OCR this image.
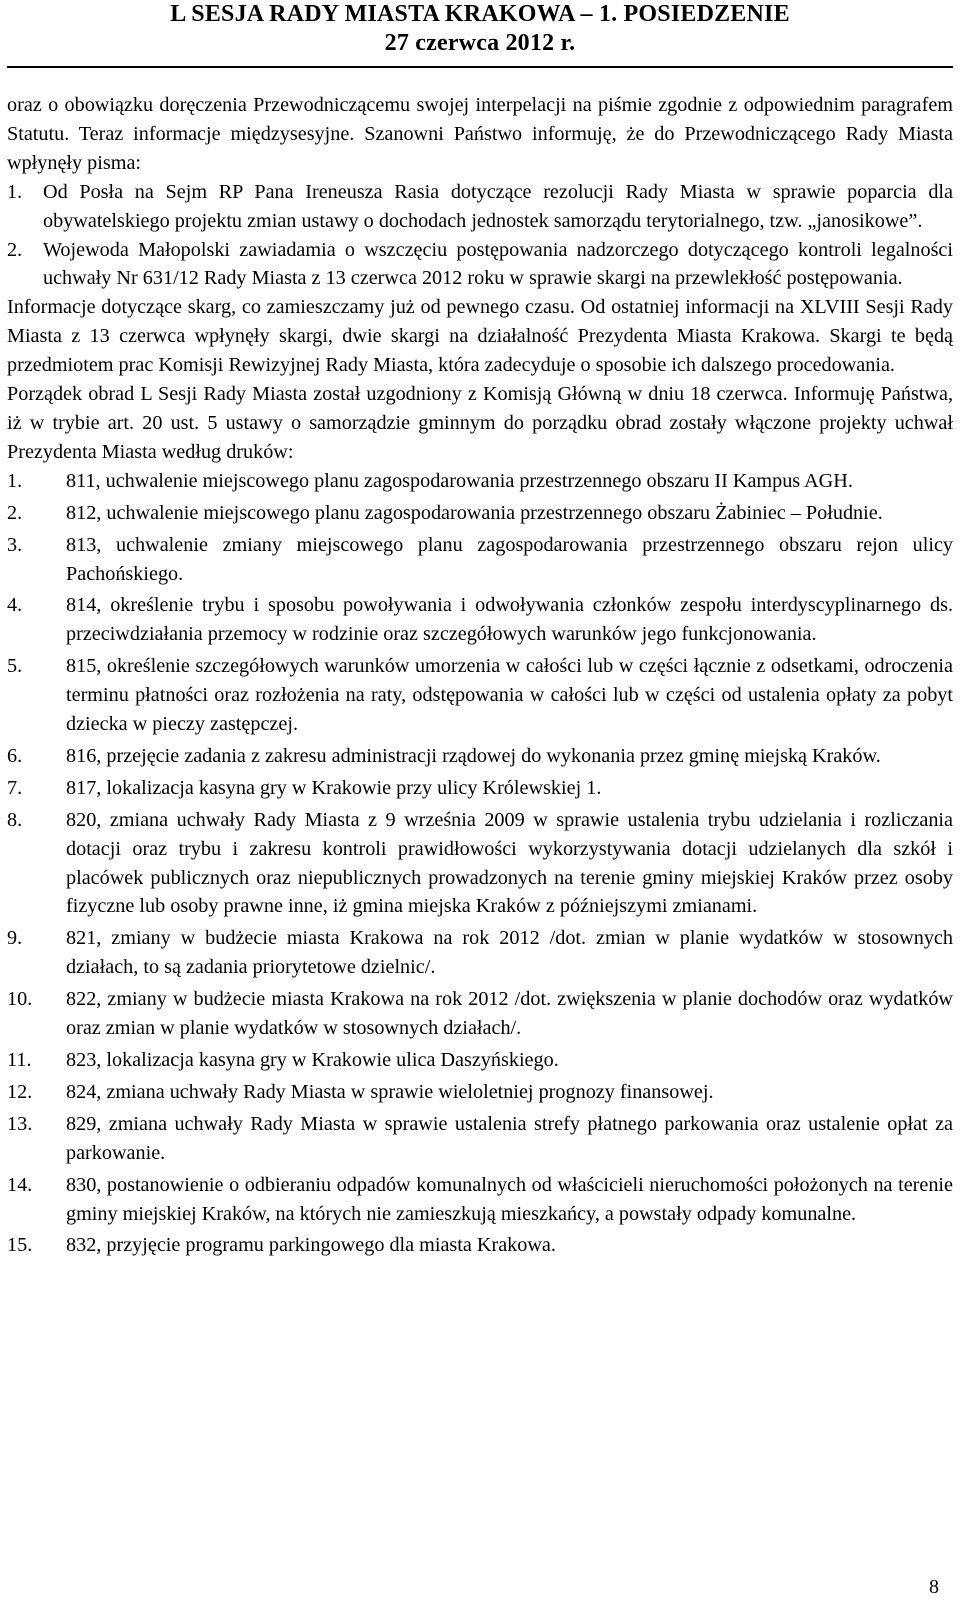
L SESJA RADY MIASTA KRAKOWA – 1. POSIEDZENIE
27 czerwca 2012 r.

oraz o obowiązku doręczenia Przewodniczącemu swojej interpelacji na piśmie zgodnie z odpowiednim paragrafem Statutu. Teraz informacje międzysesyjne. Szanowni Państwo informuję, że do Przewodniczącego Rady Miasta wpłynęły pisma:

1.	Od Posła na Sejm RP Pana Ireneusza Rasia dotyczące rezolucji Rady Miasta w sprawie poparcia dla obywatelskiego projektu zmian ustawy o dochodach jednostek samorządu terytorialnego, tzw. „janosikowe”.
2.	Wojewoda Małopolski zawiadamia o wszczęciu postępowania nadzorczego dotyczącego kontroli legalności uchwały Nr 631/12 Rady Miasta z 13 czerwca 2012 roku w sprawie skargi na przewlekłość postępowania.

Informacje dotyczące skarg, co zamieszczamy już od pewnego czasu. Od ostatniej informacji na XLVIII Sesji Rady Miasta z 13 czerwca wpłynęły skargi, dwie skargi na działalność Prezydenta Miasta Krakowa. Skargi te będą przedmiotem prac Komisji Rewizyjnej Rady Miasta, która zadecyduje o sposobie ich dalszego procedowania.

Porządek obrad L Sesji Rady Miasta został uzgodniony z Komisją Główną w dniu 18 czerwca. Informuję Państwa, iż w trybie art. 20 ust. 5 ustawy o samorządzie gminnym do porządku obrad zostały włączone projekty uchwał Prezydenta Miasta według druków:

1.	811, uchwalenie miejscowego planu zagospodarowania przestrzennego obszaru II Kampus AGH.
2.	812, uchwalenie miejscowego planu zagospodarowania przestrzennego obszaru Żabiniec – Południe.
3.	813, uchwalenie zmiany miejscowego planu zagospodarowania przestrzennego obszaru rejon ulicy Pachońskiego.
4.	814, określenie trybu i sposobu powoływania i odwoływania członków zespołu interdyscyplinarnego ds. przeciwdziałania przemocy w rodzinie oraz szczegółowych warunków jego funkcjonowania.
5.	815, określenie szczegółowych warunków umorzenia w całości lub w części łącznie z odsetkami, odroczenia terminu płatności oraz rozłożenia na raty, odstępowania w całości lub w części od ustalenia opłaty za pobyt dziecka w pieczy zastępczej.
6.	816, przejęcie zadania z zakresu administracji rządowej do wykonania przez gminę miejską Kraków.
7.	817, lokalizacja kasyna gry w Krakowie przy ulicy Królewskiej 1.
8.	820, zmiana uchwały Rady Miasta z 9 września 2009 w sprawie ustalenia trybu udzielania i rozliczania dotacji oraz trybu i zakresu kontroli prawidłowości wykorzystywania dotacji udzielanych dla szkół i placówek publicznych oraz niepublicznych prowadzonych na terenie gminy miejskiej Kraków przez osoby fizyczne lub osoby prawne inne, iż gmina miejska Kraków z późniejszymi zmianami.
9.	821, zmiany w budżecie miasta Krakowa na rok 2012 /dot. zmian w planie wydatków w stosownych działach, to są zadania priorytetowe dzielnic/.
10.	822, zmiany w budżecie miasta Krakowa na rok 2012 /dot. zwiększenia w planie dochodów oraz wydatków oraz zmian w planie wydatków w stosownych działach/.
11.	823, lokalizacja kasyna gry w Krakowie ulica Daszyńskiego.
12.	824, zmiana uchwały Rady Miasta w sprawie wieloletniej prognozy finansowej.
13.	829, zmiana uchwały Rady Miasta w sprawie ustalenia strefy płatnego parkowania oraz ustalenie opłat za parkowanie.
14.	830, postanowienie o odbieraniu odpadów komunalnych od właścicieli nieruchomości położonych na terenie gminy miejskiej Kraków, na których nie zamieszkują mieszkańcy, a powstały odpady komunalne.
15.	832, przyjęcie programu parkingowego dla miasta Krakowa.
8
